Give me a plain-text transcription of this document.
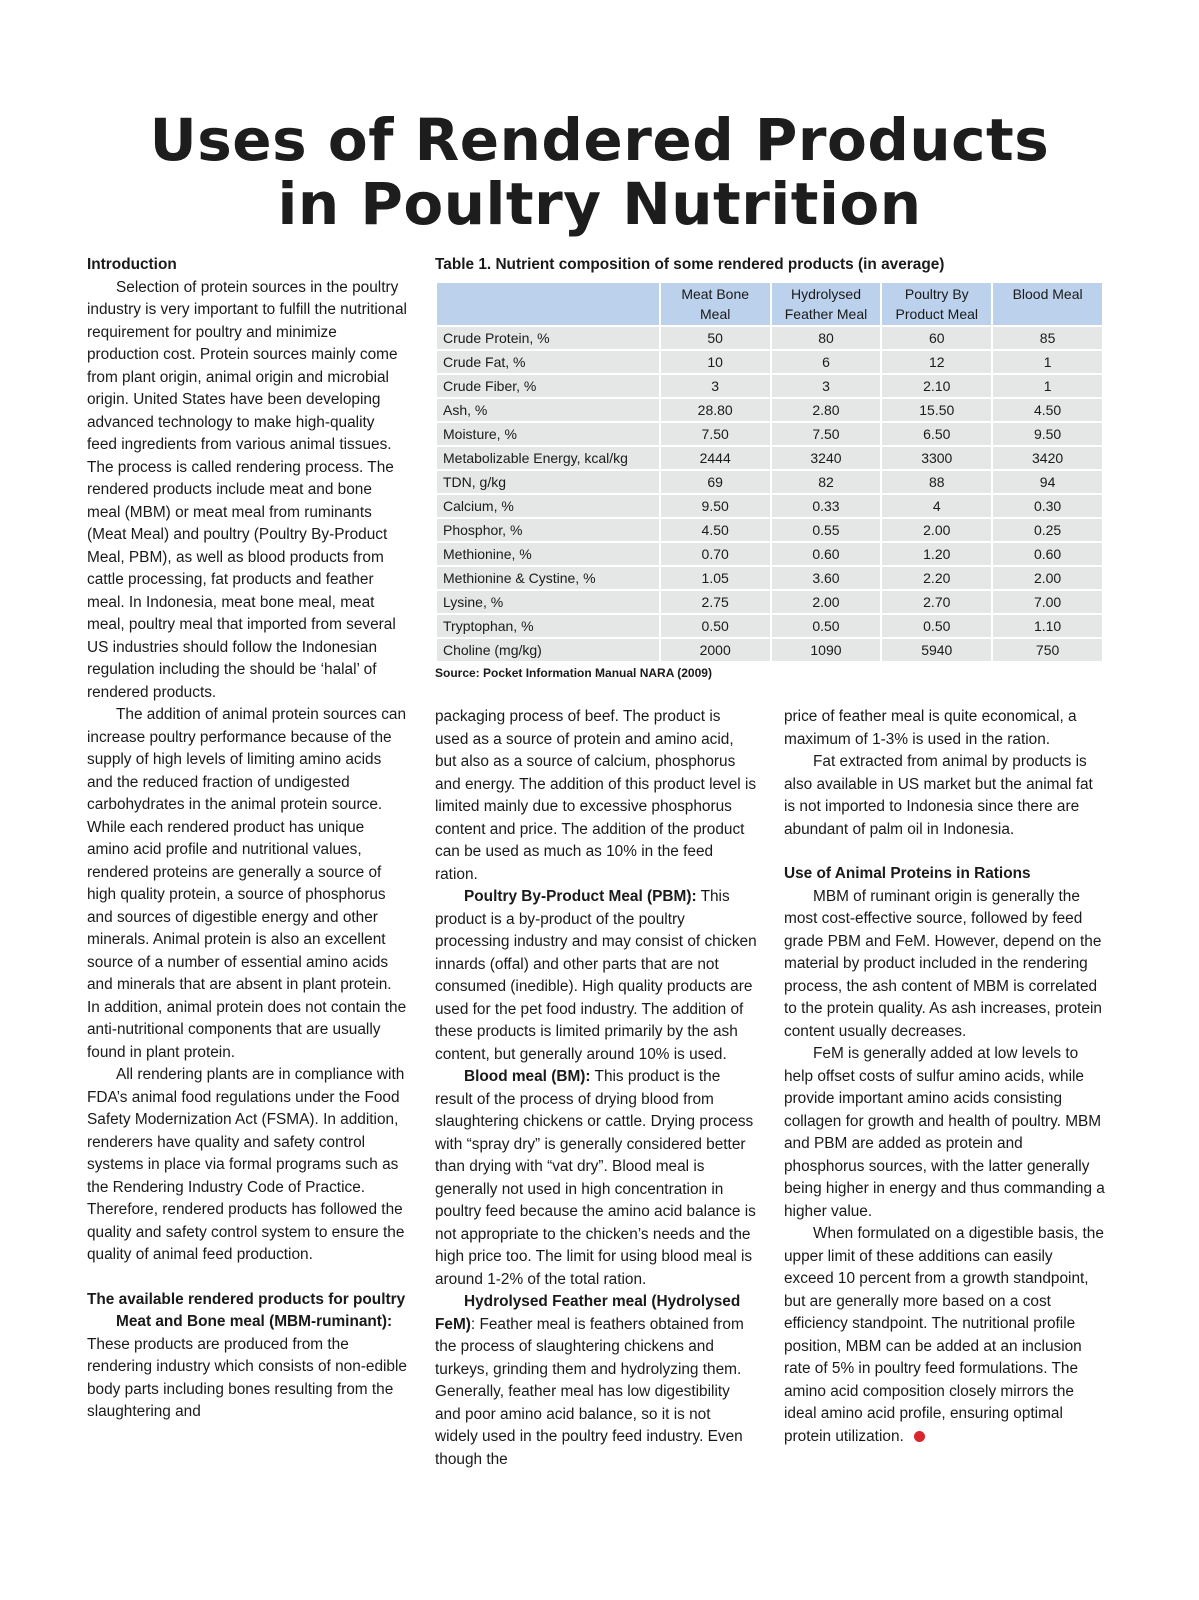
Uses of Rendered Products
in Poultry Nutrition

Introduction

Selection of protein sources in the poultry industry is very important to fulfill the nutritional requirement for poultry and minimize production cost. Protein sources mainly come from plant origin, animal origin and microbial origin. United States have been developing advanced technology to make high-quality feed ingredients from various animal tissues. The process is called rendering process. The rendered products include meat and bone meal (MBM) or meat meal from ruminants (Meat Meal) and poultry (Poultry By-Product Meal, PBM), as well as blood products from cattle processing, fat products and feather meal. In Indonesia, meat bone meal, meat meal, poultry meal that imported from several US industries should follow the Indonesian regulation including the should be ‘halal’ of rendered products.

The addition of animal protein sources can increase poultry performance because of the supply of high levels of limiting amino acids and the reduced fraction of undigested carbohydrates in the animal protein source. While each rendered product has unique amino acid profile and nutritional values, rendered proteins are generally a source of high quality protein, a source of phosphorus and sources of digestible energy and other minerals. Animal protein is also an excellent source of a number of essential amino acids and minerals that are absent in plant protein. In addition, animal protein does not contain the anti-nutritional components that are usually found in plant protein.

All rendering plants are in compliance with FDA’s animal food regulations under the Food Safety Modernization Act (FSMA). In addition, renderers have quality and safety control systems in place via formal programs such as the Rendering Industry Code of Practice. Therefore, rendered products has followed the quality and safety control system to ensure the quality of animal feed production.

The available rendered products for poultry

Meat and Bone meal (MBM-ruminant): These products are produced from the rendering industry which consists of non-edible body parts including bones resulting from the slaughtering and

Table 1. Nutrient composition of some rendered products (in average)
	Meat Bone Meal	Hydrolysed Feather Meal	Poultry By Product Meal	Blood Meal
Crude Protein, %	50	80	60	85
Crude Fat, %	10	6	12	1
Crude Fiber, %	3	3	2.10	1
Ash, %	28.80	2.80	15.50	4.50
Moisture, %	7.50	7.50	6.50	9.50
Metabolizable Energy, kcal/kg	2444	3240	3300	3420
TDN, g/kg	69	82	88	94
Calcium, %	9.50	0.33	4	0.30
Phosphor, %	4.50	0.55	2.00	0.25
Methionine, %	0.70	0.60	1.20	0.60
Methionine & Cystine, %	1.05	3.60	2.20	2.00
Lysine, %	2.75	2.00	2.70	7.00
Tryptophan, %	0.50	0.50	0.50	1.10
Choline (mg/kg)	2000	1090	5940	750
Source: Pocket Information Manual NARA (2009)

packaging process of beef. The product is used as a source of protein and amino acid, but also as a source of calcium, phosphorus and energy. The addition of this product level is limited mainly due to excessive phosphorus content and price. The addition of the product can be used as much as 10% in the feed ration.

Poultry By-Product Meal (PBM): This product is a by-product of the poultry processing industry and may consist of chicken innards (offal) and other parts that are not consumed (inedible). High quality products are used for the pet food industry. The addition of these products is limited primarily by the ash content, but generally around 10% is used.

Blood meal (BM): This product is the result of the process of drying blood from slaughtering chickens or cattle. Drying process with “spray dry” is generally considered better than drying with “vat dry”. Blood meal is generally not used in high concentration in poultry feed because the amino acid balance is not appropriate to the chicken’s needs and the high price too. The limit for using blood meal is around 1-2% of the total ration.

Hydrolysed Feather meal (Hydrolysed FeM): Feather meal is feathers obtained from the process of slaughtering chickens and turkeys, grinding them and hydrolyzing them. Generally, feather meal has low digestibility and poor amino acid balance, so it is not widely used in the poultry feed industry. Even though the

price of feather meal is quite economical, a maximum of 1-3% is used in the ration.

Fat extracted from animal by products is also available in US market but the animal fat is not imported to Indonesia since there are abundant of palm oil in Indonesia.

Use of Animal Proteins in Rations

MBM of ruminant origin is generally the most cost-effective source, followed by feed grade PBM and FeM. However, depend on the material by product included in the rendering process, the ash content of MBM is correlated to the protein quality. As ash increases, protein content usually decreases.

FeM is generally added at low levels to help offset costs of sulfur amino acids, while provide important amino acids consisting collagen for growth and health of poultry. MBM and PBM are added as protein and phosphorus sources, with the latter generally being higher in energy and thus commanding a higher value.

When formulated on a digestible basis, the upper limit of these additions can easily exceed 10 percent from a growth standpoint, but are generally more based on a cost efficiency standpoint. The nutritional profile position, MBM can be added at an inclusion rate of 5% in poultry feed formulations. The amino acid composition closely mirrors the ideal amino acid profile, ensuring optimal protein utilization.
